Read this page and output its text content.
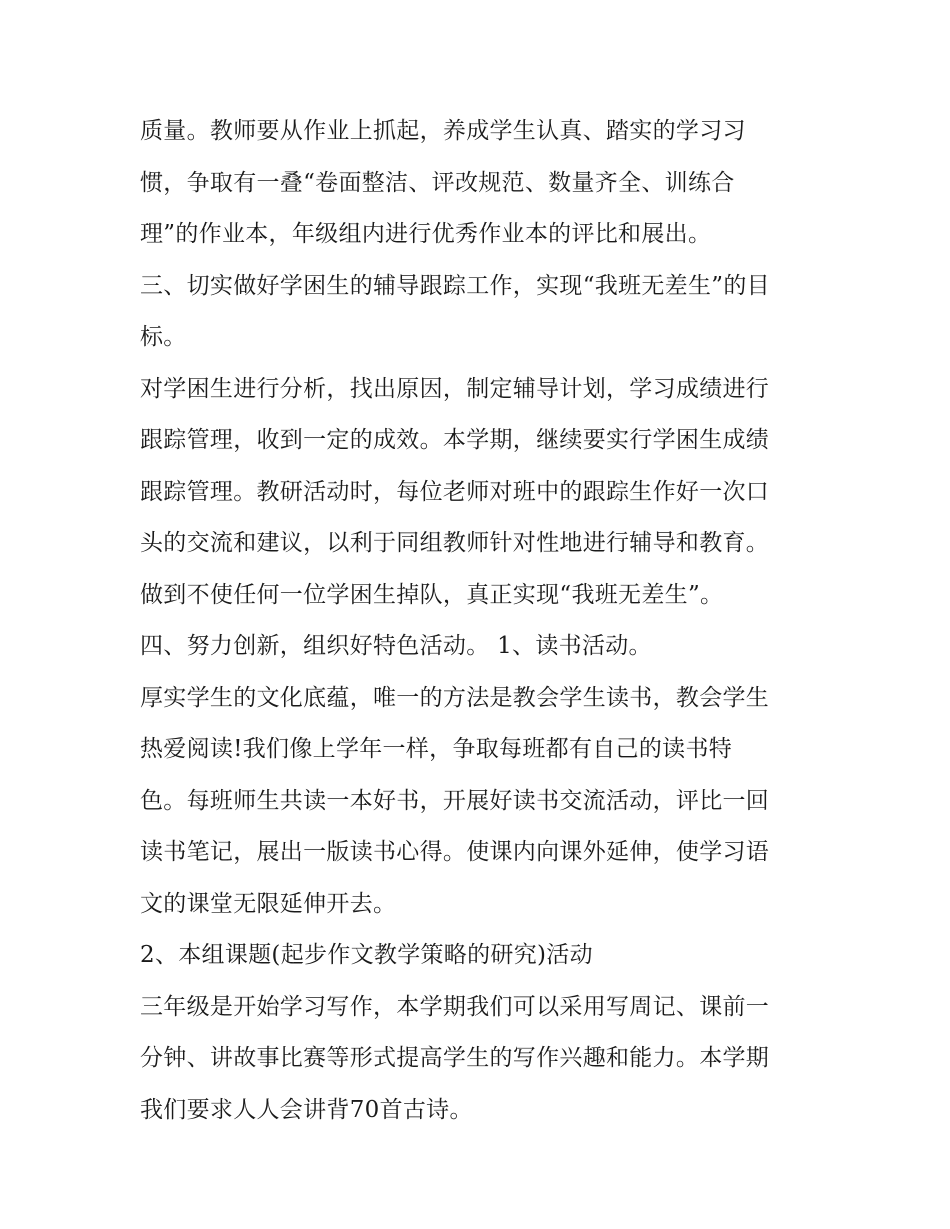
质量。教师要从作业上抓起，养成学生认真、踏实的学习习
惯，争取有一叠“卷面整洁、评改规范、数量齐全、训练合
理”的作业本，年级组内进行优秀作业本的评比和展出。
三、切实做好学困生的辅导跟踪工作，实现“我班无差生”的目
标。
对学困生进行分析，找出原因，制定辅导计划，学习成绩进行
跟踪管理，收到一定的成效。本学期，继续要实行学困生成绩
跟踪管理。教研活动时，每位老师对班中的跟踪生作好一次口
头的交流和建议，以利于同组教师针对性地进行辅导和教育。
做到不使任何一位学困生掉队，真正实现“我班无差生”。
四、努力创新，组织好特色活动。 1、读书活动。
厚实学生的文化底蕴，唯一的方法是教会学生读书，教会学生
热爱阅读!我们像上学年一样，争取每班都有自己的读书特
色。每班师生共读一本好书，开展好读书交流活动，评比一回
读书笔记，展出一版读书心得。使课内向课外延伸，使学习语
文的课堂无限延伸开去。
2、本组课题(起步作文教学策略的研究)活动
三年级是开始学习写作，本学期我们可以采用写周记、课前一
分钟、讲故事比赛等形式提高学生的写作兴趣和能力。本学期
我们要求人人会讲背70首古诗。
